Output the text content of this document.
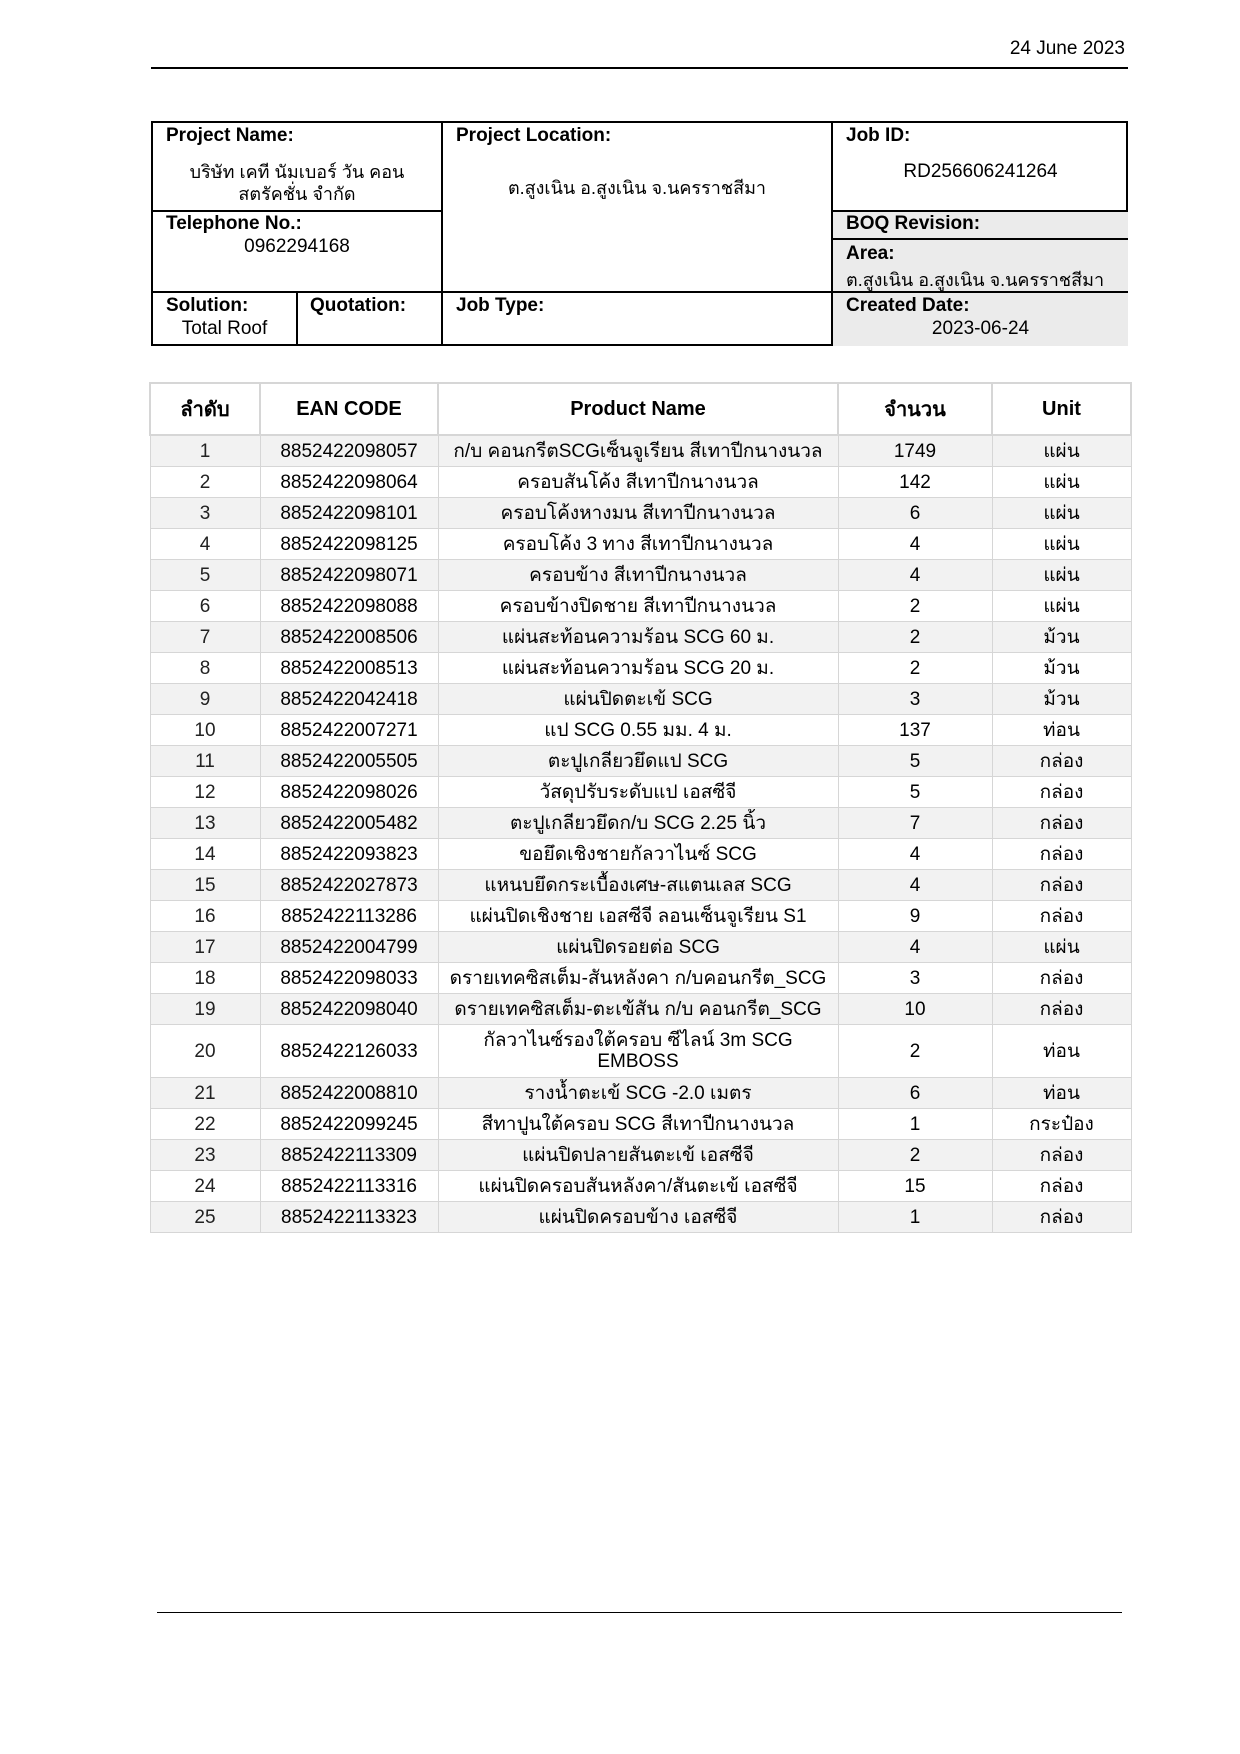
24 June 2023
Project Name:
บริษัท เคที นัมเบอร์ วัน คอน
สตรัคชั่น จำกัด
Project Location:
ต.สูงเนิน อ.สูงเนิน จ.นครราชสีมา
Job ID:
RD256606241264
Telephone No.:
0962294168
BOQ Revision:
Area:
ต.สูงเนิน อ.สูงเนิน จ.นครราชสีมา
Solution:
Total Roof
Quotation:	Job Type:	Created Date:
2023-06-24
ลำดับ	EAN CODE	Product Name	จำนวน	Unit
1	8852422098057	ก/บ คอนกรีตSCGเซ็นจูเรียน สีเทาปีกนางนวล	1749	แผ่น
2	8852422098064	ครอบสันโค้ง สีเทาปีกนางนวล	142	แผ่น
3	8852422098101	ครอบโค้งหางมน สีเทาปีกนางนวล	6	แผ่น
4	8852422098125	ครอบโค้ง 3 ทาง สีเทาปีกนางนวล	4	แผ่น
5	8852422098071	ครอบข้าง สีเทาปีกนางนวล	4	แผ่น
6	8852422098088	ครอบข้างปิดชาย สีเทาปีกนางนวล	2	แผ่น
7	8852422008506	แผ่นสะท้อนความร้อน SCG 60 ม.	2	ม้วน
8	8852422008513	แผ่นสะท้อนความร้อน SCG 20 ม.	2	ม้วน
9	8852422042418	แผ่นปิดตะเข้ SCG	3	ม้วน
10	8852422007271	แป SCG 0.55 มม. 4 ม.	137	ท่อน
11	8852422005505	ตะปูเกลียวยึดแป SCG	5	กล่อง
12	8852422098026	วัสดุปรับระดับแป เอสซีจี	5	กล่อง
13	8852422005482	ตะปูเกลียวยึดก/บ SCG 2.25 นิ้ว	7	กล่อง
14	8852422093823	ขอยึดเชิงชายกัลวาไนซ์ SCG	4	กล่อง
15	8852422027873	แหนบยึดกระเบื้องเศษ-สแตนเลส SCG	4	กล่อง
16	8852422113286	แผ่นปิดเชิงชาย เอสซีจี ลอนเซ็นจูเรียน S1	9	กล่อง
17	8852422004799	แผ่นปิดรอยต่อ SCG	4	แผ่น
18	8852422098033	ดรายเทคซิสเต็ม-สันหลังคา ก/บคอนกรีต_SCG	3	กล่อง
19	8852422098040	ดรายเทคซิสเต็ม-ตะเข้สัน ก/บ คอนกรีต_SCG	10	กล่อง
20	8852422126033	กัลวาไนซ์รองใต้ครอบ ซีไลน์ 3m SCG
EMBOSS	2	ท่อน
21	8852422008810	รางน้ำตะเข้ SCG -2.0 เมตร	6	ท่อน
22	8852422099245	สีทาปูนใต้ครอบ SCG สีเทาปีกนางนวล	1	กระป๋อง
23	8852422113309	แผ่นปิดปลายสันตะเข้ เอสซีจี	2	กล่อง
24	8852422113316	แผ่นปิดครอบสันหลังคา/สันตะเข้ เอสซีจี	15	กล่อง
25	8852422113323	แผ่นปิดครอบข้าง เอสซีจี	1	กล่อง
